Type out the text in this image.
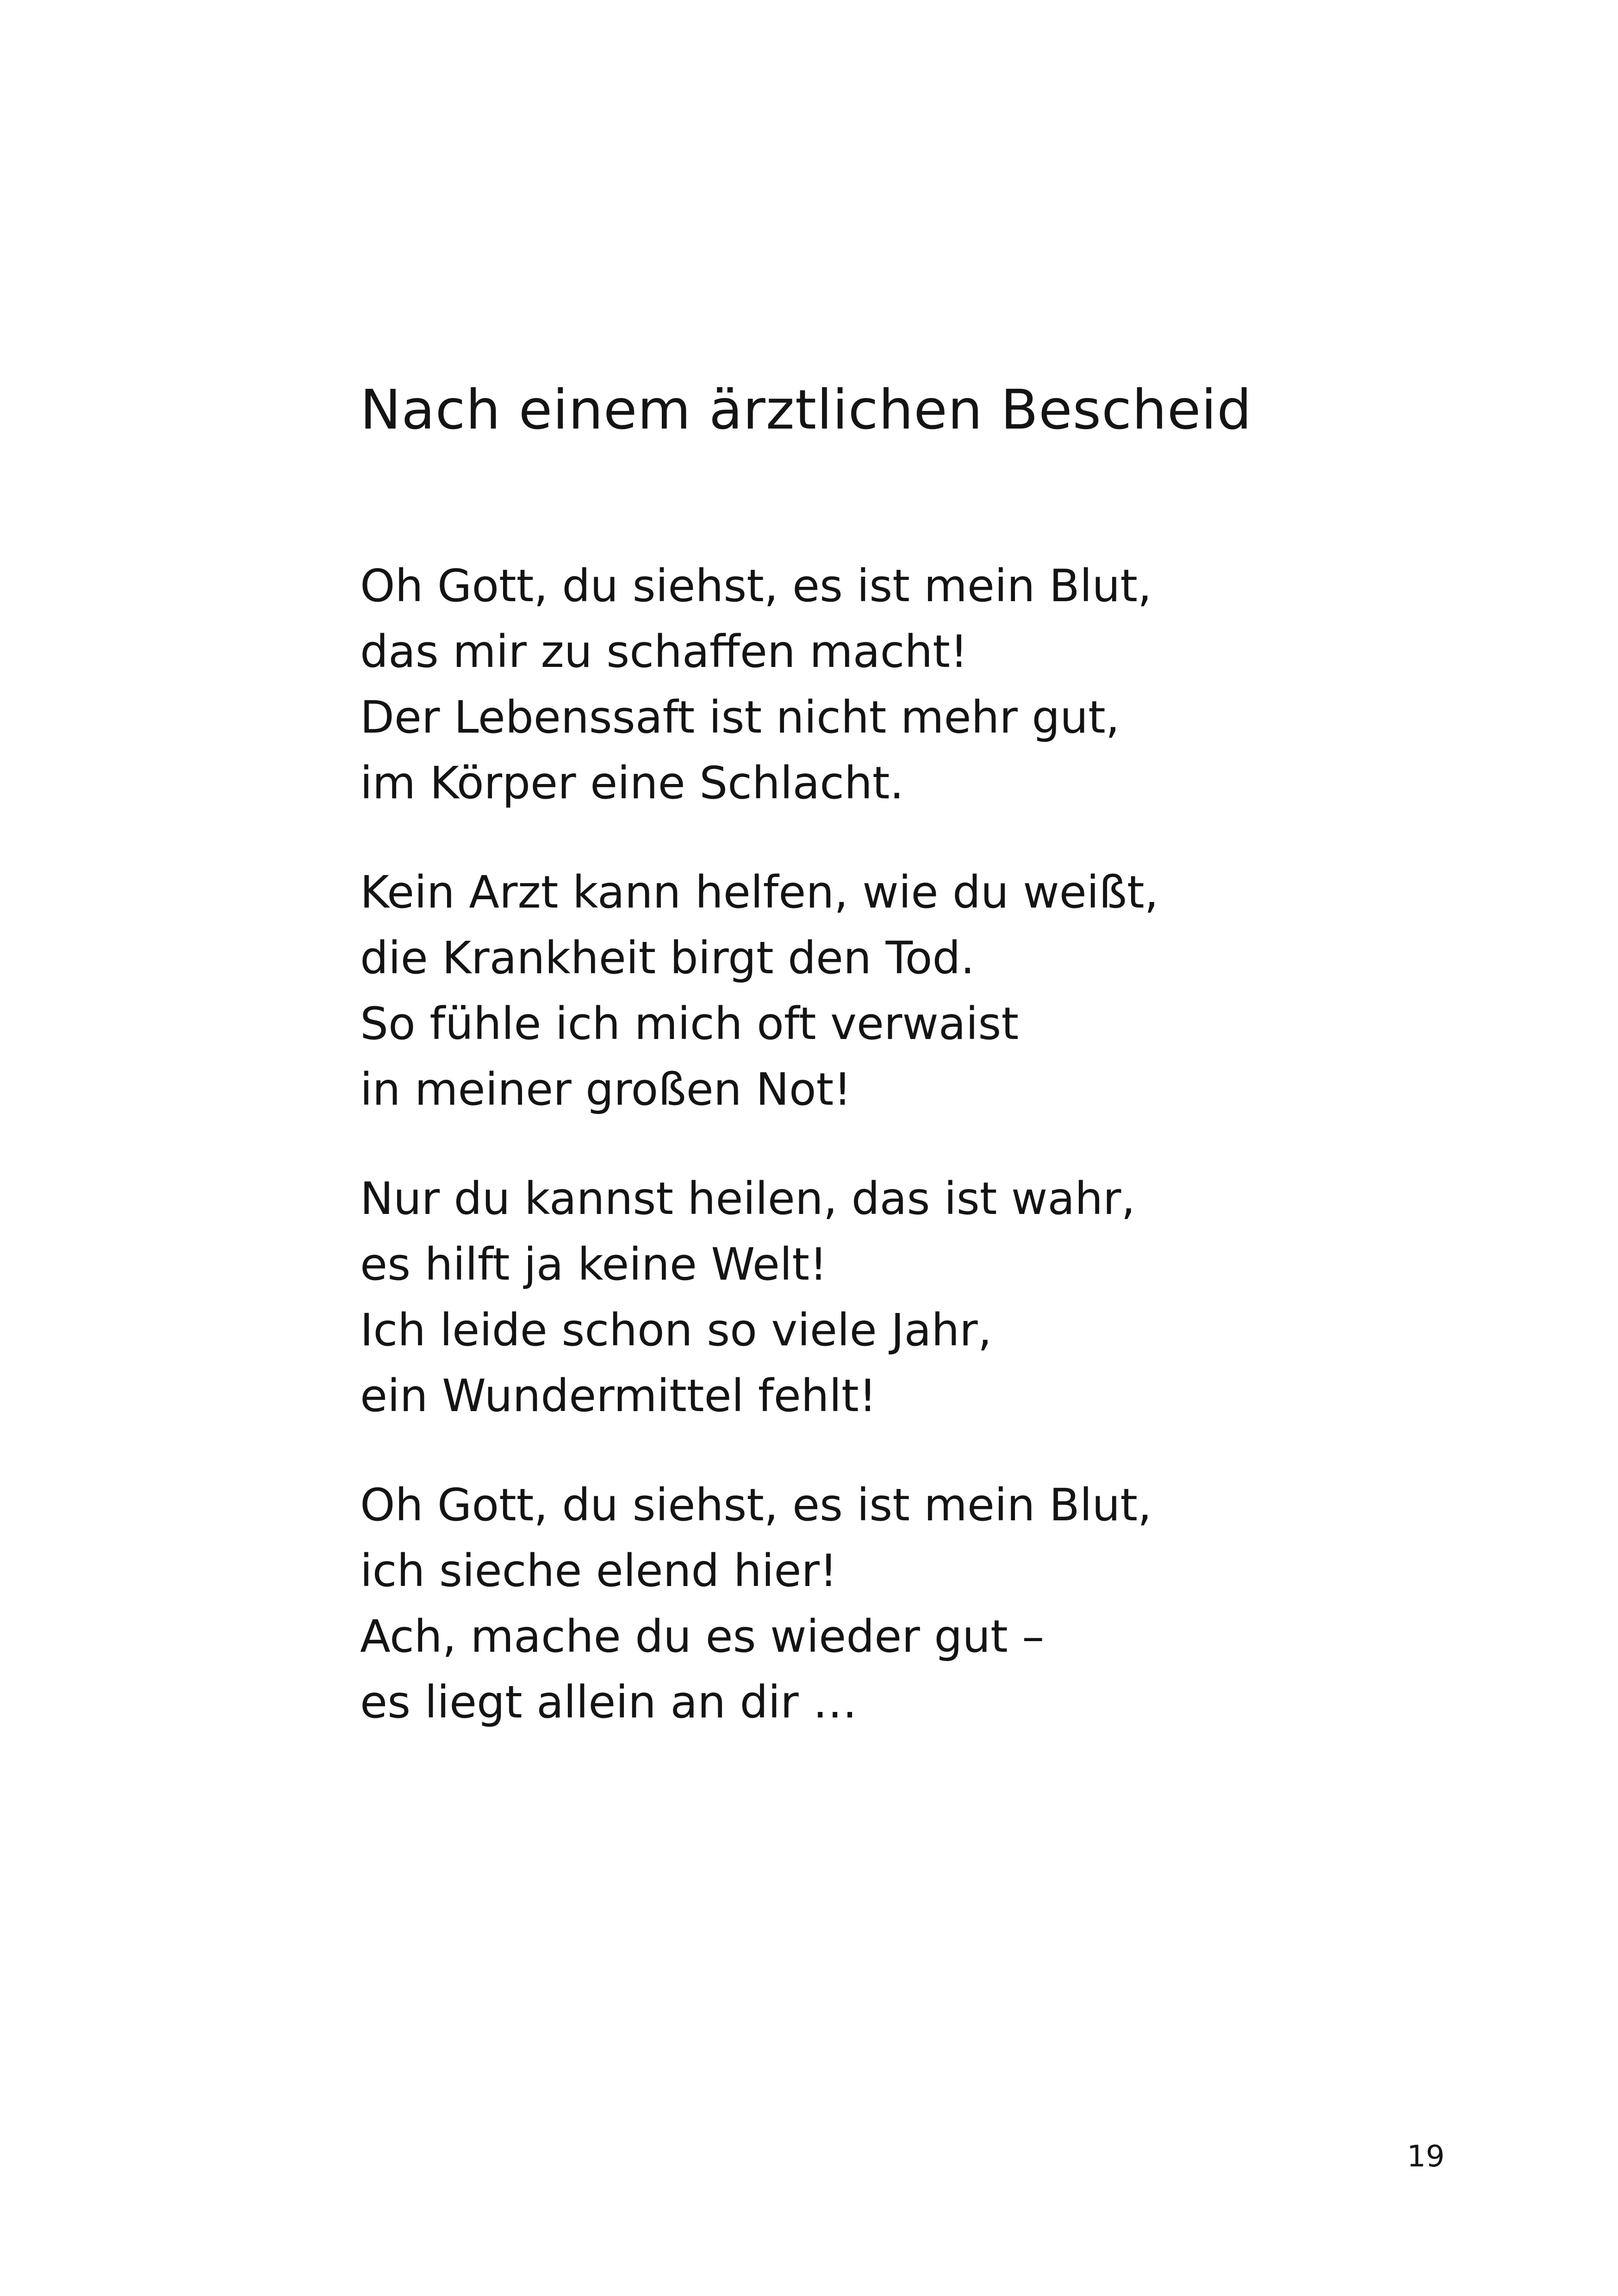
Nach einem ärztlichen Bescheid
Oh Gott, du siehst, es ist mein Blut,
das mir zu schaffen macht!
Der Lebenssaft ist nicht mehr gut,
im Körper eine Schlacht.
Kein Arzt kann helfen, wie du weißt,
die Krankheit birgt den Tod.
So fühle ich mich oft verwaist
in meiner großen Not!
Nur du kannst heilen, das ist wahr,
es hilft ja keine Welt!
Ich leide schon so viele Jahr,
ein Wundermittel fehlt!
Oh Gott, du siehst, es ist mein Blut,
ich sieche elend hier!
Ach, mache du es wieder gut –
es liegt allein an dir …
19
